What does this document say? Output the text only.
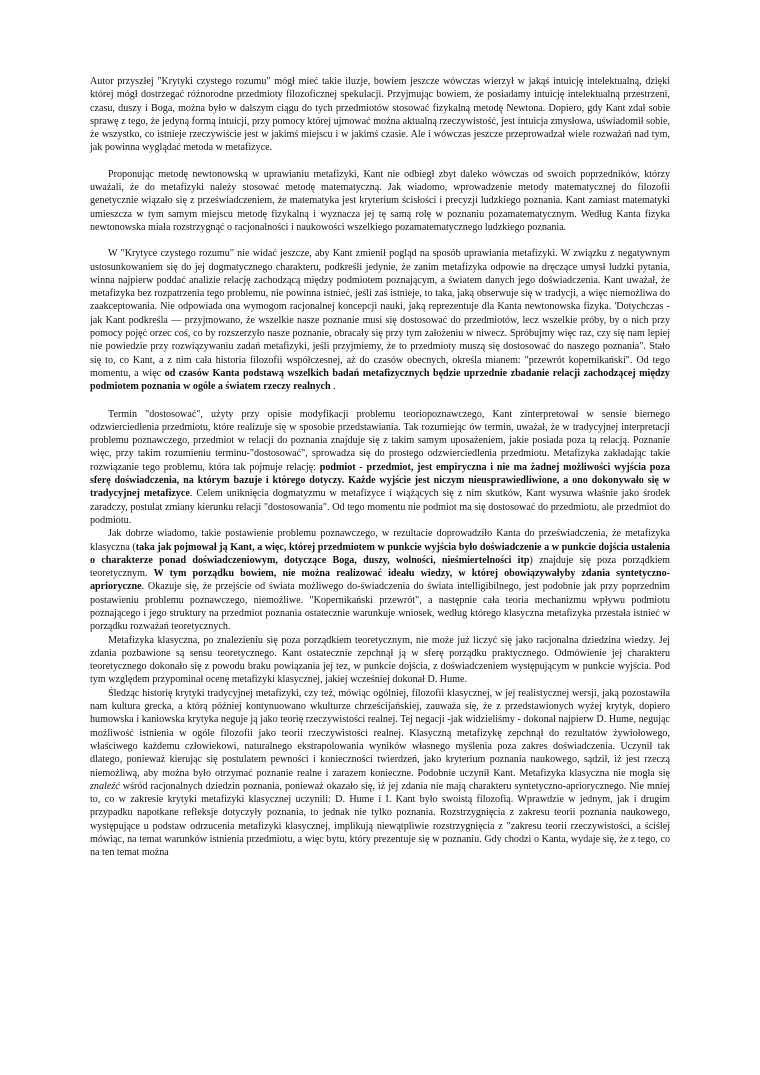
Autor przyszłej "Krytyki czystego rozumu" mógł mieć takie iluzje, bowiem jeszcze wówczas wierzył w jakąś intuicję intelektualną, dzięki której mógł dostrzegać różnorodne przedmioty filozoficznej spekulacji. Przyjmując bowiem, że posiadamy intuicję intelektualną przestrzeni, czasu, duszy i Boga, można było w dalszym ciągu do tych przedmiotów stosować fizykalną metodę Newtona. Dopiero, gdy Kant zdał sobie sprawę z tego, że jedyną formą intuicji, przy pomocy której ujmować można aktualną rzeczywistość, jest intuicja zmysłowa, uświadomił sobie, że wszystko, co istnieje rzeczywiście jest w jakimś miejscu i w jakimś czasie. Ale i wówczas jeszcze przeprowadzał wiele rozważań nad tym, jak powinna wyglądać metoda w metafizyce.

Proponując metodę newtonowską w uprawianiu metafizyki, Kant nie odbiegł zbyt daleko wówczas od swoich poprzedników, którzy uważali, że do metafizyki należy stosować metodę matematyczną. Jak wiadomo, wprowadzenie metody matematycznej do filozofii genetycznie wiązało się z przeświadczeniem, że matematyka jest kryterium ścisłości i precyzji ludzkiego poznania. Kant zamiast matematyki umieszcza w tym samym miejscu metodę fizykalną i wyznacza jej tę samą rolę w poznaniu pozamatematycznym. Według Kanta fizyka newtonowska miała rozstrzygnąć o racjonalności i naukowości wszelkiego pozamatematycznego ludzkiego poznania.

W "Krytyce czystego rozumu" nie widać jeszcze, aby Kant zmienił pogląd na sposób uprawiania metafizyki. W związku z negatywnym ustosunkowaniem się do jej dogmatycznego charakteru, podkreśli jedynie, że zanim metafizyka odpowie na dręczące umysł ludzki pytania, winna najpierw poddać analizie relację zachodzącą między podmiotem poznającym, a światem danych jego doświadczenia. Kant uważał, że metafizyka bez rozpatrzenia tego problemu, nie powinna istnieć, jeśli zaś istnieje, to taka, jaką obserwuje się w tradycji, a więc niemożliwa do zaakceptowania. Nie odpowiada ona wymogom racjonalnej koncepcji nauki, jaką reprezentuje dla Kanta newtonowska fizyka. 'Dotychczas - jak Kant podkreśla — przyjmowano, że wszelkie nasze poznanie musi się dostosować do przedmiotów, lecz wszelkie próby, by o nich przy pomocy pojęć orzec coś, co by rozszerzyło nasze poznanie, obracały się przy tym założeniu w niwecz. Spróbujmy więc raz, czy się nam lepiej nie powiedzie przy rozwiązywaniu zadań metafizyki, jeśli przyjmiemy, że to przedmioty muszą się dostosować do naszego poznania". Stało się to, co Kant, a z nim cała historia filozofii współczesnej, aż do czasów obecnych, określa mianem: "przewrót kopernikański". Od tego momentu, a więc od czasów Kanta podstawą wszelkich badań metafizycznych będzie uprzednie zbadanie relacji zachodzącej między podmiotem poznania w ogóle a światem rzeczy realnych .

Termin "dostosować", użyty przy opisie modyfikacji problemu teoriopoznawczego, Kant zinterpretował w sensie biernego odzwierciedlenia przedmiotu, które realizuje się w sposobie przedstawiania. Tak rozumiejąc ów termin, uważał, że w tradycyjnej interpretacji problemu poznawczego, przedmiot w relacji do poznania znajduje się z takim samym uposażeniem, jakie posiada poza tą relacją. Poznanie więc, przy takim rozumieniu terminu-"dostosować", sprowadza się do prostego odzwierciedlenia przedmiotu. Metafizyka zakładając takie rozwiązanie tego problemu, która tak pojmuje relację: podmiot - przedmiot, jest empiryczna i nie ma żadnej możliwości wyjścia poza sferę doświadczenia, na którym bazuje i którego dotyczy. Każde wyjście jest niczym nieusprawiedliwione, a ono dokonywało się w tradycyjnej metafizyce. Celem uniknięcia dogmatyzmu w metafizyce i wiążących się z nim skutków, Kant wysuwa właśnie jako środek zaradczy, postulat zmiany kierunku relacji "dostosowania". Od tego momentu nie podmiot ma się dostosować do przedmiotu, ale przedmiot do podmiotu.

Jak dobrze wiadomo, takie postawienie problemu poznawczego, w rezultacie doprowadziło Kanta do przeświadczenia, że metafizyka klasyczna (taka jak pojmował ją Kant, a więc, której przedmiotem w punkcie wyjścia było doświadczenie a w punkcie dojścia ustalenia o charakterze ponad doświadczeniowym, dotyczące Boga, duszy, wolności, nieśmiertelności itp) znajduje się poza porządkiem teoretycznym. W tym porządku bowiem, nie można realizować ideału wiedzy, w której obowiązywałyby zdania syntetyczno-aprioryczne. Okazuje się, że przejście od świata możliwego do-świadczenia do świata intelligibilnego, jest podobnie jak przy poprzednim postawieniu problemu poznawczego, niemożliwe. "Kopernikański przewrót", a następnie cała teoria mechanizmu wpływu podmiotu poznającego i jego struktury na przedmiot poznania ostatecznie warunkuje wniosek, według którego klasyczna metafizyka przestała istnieć w porządku rozważań teoretycznych.

Metafizyka klasyczna, po znalezieniu się poza porządkiem teoretycznym, nie może już liczyć się jako racjonalna dziedzina wiedzy. Jej zdania pozbawione są sensu teoretycznego. Kant ostatecznie zepchnął ją w sferę porządku praktycznego. Odmówienie jej charakteru teoretycznego dokonało się z powodu braku powiązania jej tez, w punkcie dojścia, z doświadczeniem występującym w punkcie wyjścia. Pod tym względem przypominał ocenę metafizyki klasycznej, jakiej wcześniej dokonał D. Hume.

Śledząc historię krytyki tradycyjnej metafizyki, czy też, mówiąc ogólniej, filozofii klasycznej, w jej realistycznej wersji, jaką pozostawiła nam kultura grecka, a którą później kontynuowano wkulturze chrześcijańskiej, zauważa się, że z przedstawionych wyżej krytyk, dopiero humowska i kaniowska krytyka neguje ją jako teorię rzeczywistości realnej. Tej negacji -jak widzieliśmy - dokonał najpierw D. Hume, negując możliwość istnienia w ogóle filozofii jako teorii rzeczywistości realnej. Klasyczną metafizykę zepchnął do rezultatów żywiołowego, właściwego każdemu człowiekowi, naturalnego ekstrapolowania wyników własnego myślenia poza zakres doświadczenia. Uczynił tak dlatego, ponieważ kierując się postulatem pewności i konieczności twierdzeń, jako kryterium poznania naukowego, sądził, iż jest rzeczą niemożliwą, aby można było otrzymać poznanie realne i zarazem konieczne. Podobnie uczynił Kant. Metafizyka klasyczna nie mogła się znaleźć wśród racjonalnych dziedzin poznania, ponieważ okazało się, iż jej zdania nie mają charakteru syntetyczno-apriorycznego. Nie mniej to, co w zakresie krytyki metafizyki klasycznej uczynili: D. Hume i I. Kant było swoistą filozofią. Wprawdzie w jednym, jak i drugim przypadku napotkane refleksje dotyczyły poznania, to jednak nie tylko poznania. Rozstrzygnięcia z zakresu teorii poznania naukowego, występujące u podstaw odrzucenia metafizyki klasycznej, implikują niewątpliwie rozstrzygnięcia z "zakresu teorii rzeczywistości, a ściślej mówiąc, na temat warunków istnienia przedmiotu, a więc bytu, który prezentuje się w poznaniu. Gdy chodzi o Kanta, wydaje się, że z tego, co na ten temat można
